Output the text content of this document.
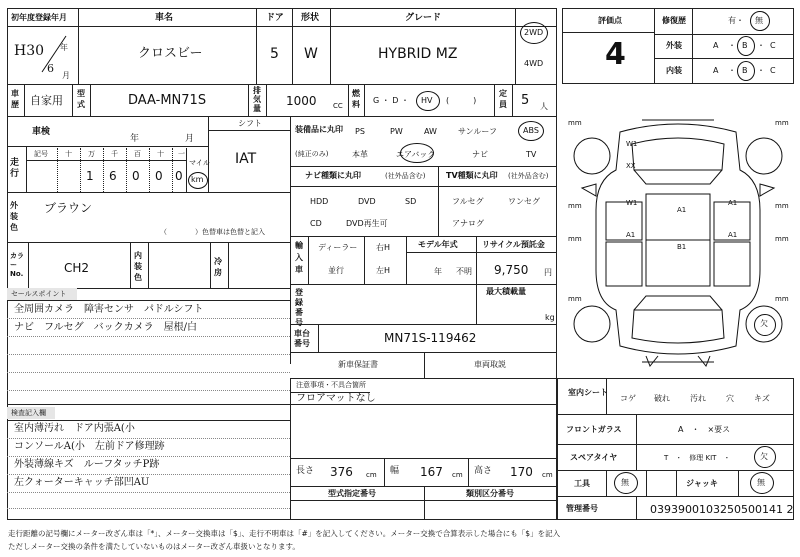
初年度登録年月	車名	ドア 形状	グレード
H30 年
6
月
クロスビー	5 W	HYBRID MZ
2WD
4WD
車歴 自家用
型式	DAA-MN71S
排気量
1000 CC
燃料 G ・ D ・ HV (　　　)
定員 5 人
車検
年	月
走行
記号 十 万 千 百 十 一
1 6 0 0 0
マイル
km
シフト
IAT
装備品に丸印
(純正のみ)
PS	PW	AW	サンルーフ	ABS
本革	エアバック	ナビ	TV
外装色
ブラウン
（　　　　）色替車は色替と記入
ナビ種類に丸印	(社外品含む)
HDD	DVD	SD
CD	DVD再生可
TV種類に丸印 (社外品含む)
フルセグ	ワンセグ
アナログ
カラーNo.	CH2
内装色
冷房
輸入車
ディーラー
並行
右H
左H
モデル年式
年 不明
リサイクル預託金
9,750 円
登録番号
最大積載量
kg
車台番号	MN71S-119462
新車保証書	車両取説
セールスポイント
全周囲カメラ　障害センサ　パドルシフト
ナビ　フルセグ　バックカメラ　屋根/白
注意事項・不具合箇所
フロアマットなし
検査記入欄
室内薄汚れ　ドア内張A(小
コンソールA(小　左前ドア修理跡
外装薄線キズ　ルーフタッチP跡
左クォーターキャッチ部凹AU
長さ 376 cm 幅 167 cm 高さ 170 cm
型式指定番号	類別区分番号
評価点
4
修復歴	有・ 無
外装	A ・ B ・ C
内装	A ・ B ・ C
mm	mm
mm	mm
mm	mm
mm	mm
W1
XX
W1
A1
A1
A1	A1
B1
欠
室内シート
コゲ 破れ	汚れ	穴	キズ
フロントガラス	A　・　×要ス
スペアタイヤ	T　・　修理 KIT　・	欠
工具	無	ジャッキ	無
管理番号	0393900103250500141 2
走行距離の記号欄にメーター改ざん車は「*」、メーター交換車は「$」、走行不明車は「#」を記入してください。メーター交換で合算表示した場合にも「$」を記入
ただしメーター交換の条件を満たしていないものはメーター改ざん車扱いとなります。
